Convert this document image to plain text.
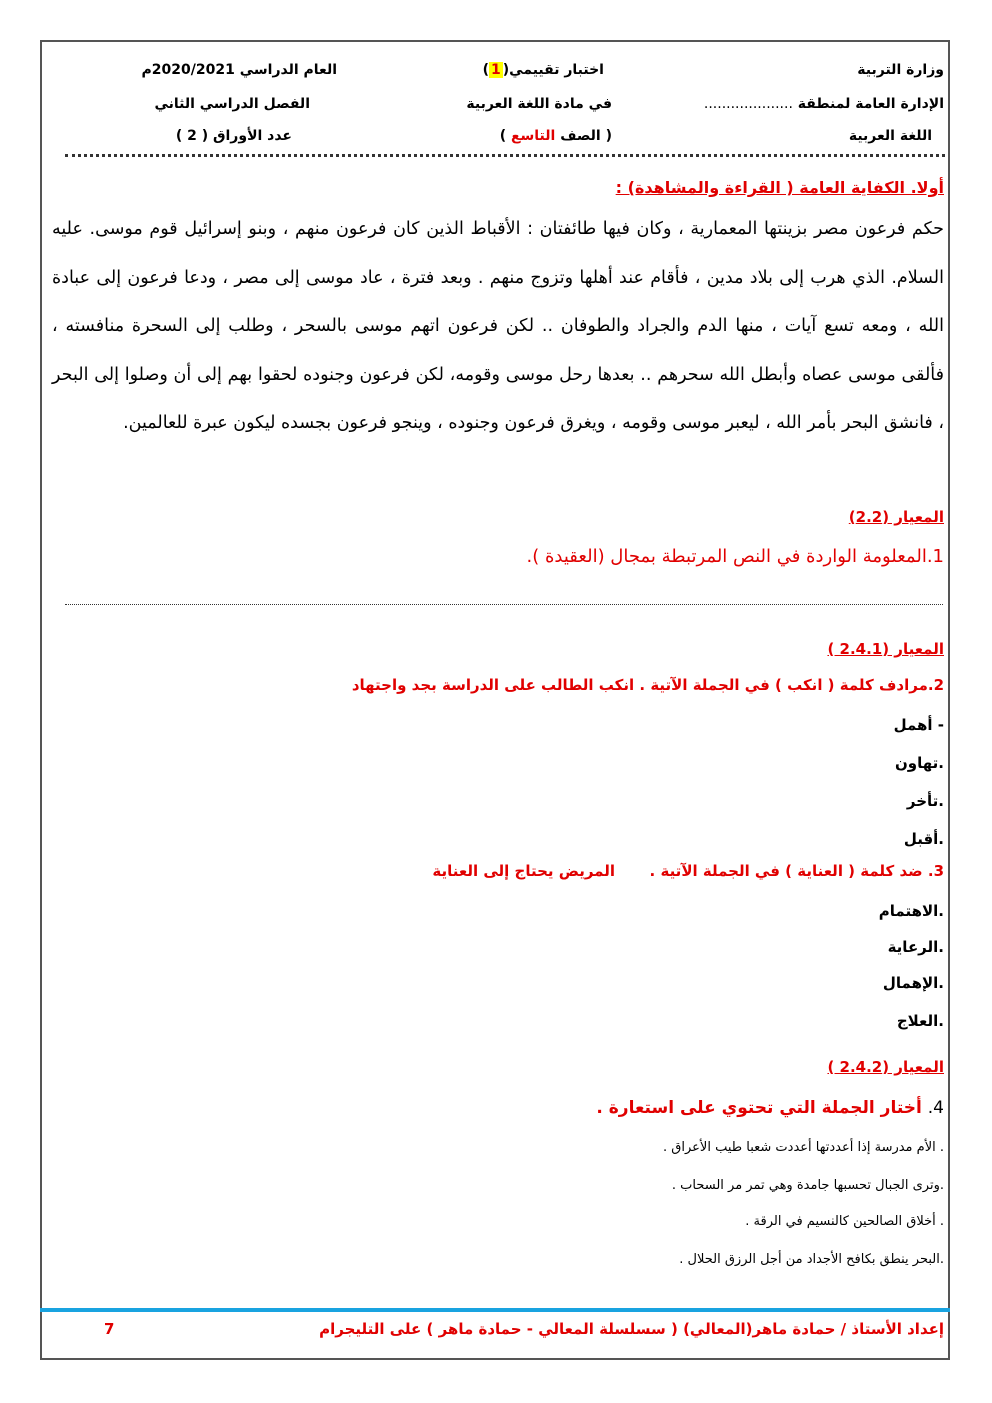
وزارة التربية
الإدارة العامة لمنطقة ....................
اللغة العربية
اختبار تقييمي(1)
في مادة اللغة العربية
( الصف التاسع )
العام الدراسي 2020/2021م
الفصل الدراسي الثاني
عدد الأوراق ( 2 )
أولا. الكفاية العامة ( القراءة والمشاهدة) :
حكم فرعون مصر بزينتها المعمارية ، وكان فيها طائفتان : الأقباط الذين كان فرعون منهم ، وبنو إسرائيل قوم موسى. عليه السلام. الذي هرب إلى بلاد مدين ، فأقام عند أهلها وتزوج منهم . وبعد فترة ، عاد موسى إلى مصر ، ودعا فرعون إلى عبادة الله ، ومعه تسع آيات ، منها الدم والجراد والطوفان .. لكن فرعون اتهم موسى بالسحر ، وطلب إلى السحرة منافسته ، فألقى موسى عصاه وأبطل الله سحرهم .. بعدها رحل موسى وقومه، لكن فرعون وجنوده لحقوا بهم إلى أن وصلوا إلى البحر ، فانشق البحر بأمر الله ، ليعبر موسى وقومه ، ويغرق فرعون وجنوده ، وينجو فرعون بجسده ليكون عبرة للعالمين.
المعيار (2.2)
1.المعلومة الواردة في النص المرتبطة بمجال (العقيدة ).
المعيار (2.4.1 )
2.مرادف كلمة ( انكب ) في الجملة الآتية . انكب الطالب على الدراسة بجد واجتهاد
- أهمل
.تهاون
.تأخر
.أقبل
3. ضد كلمة ( العناية ) في الجملة الآتية .
المريض يحتاج إلى العناية
.الاهتمام
.الرعاية
.الإهمال
.العلاج
المعيار (2.4.2 )
4. أختار الجملة التي تحتوي على استعارة .
. الأم مدرسة إذا أعددتها أعددت شعبا طيب الأعراق .
.وترى الجبال تحسبها جامدة وهي تمر مر السحاب .
. أخلاق الصالحين كالنسيم في الرقة .
.البحر ينطق بكافح الأجداد من أجل الرزق الحلال .
إعداد الأستاذ / حمادة ماهر(المعالي) ( سسلسلة المعالي - حمادة ماهر ) على التليجرام
7
